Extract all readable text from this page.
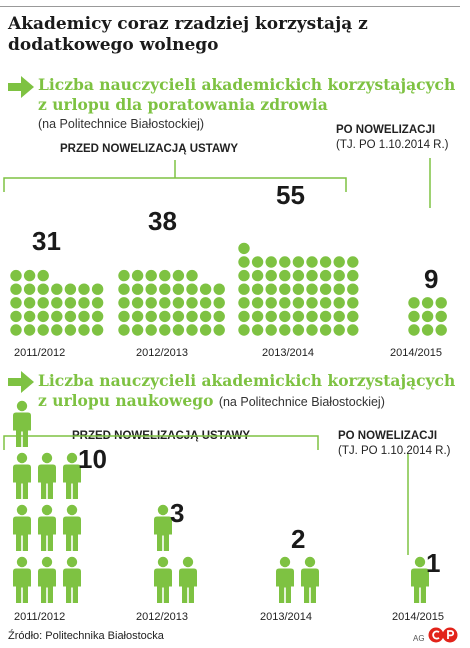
Akademicy coraz rzadziej korzystają z dodatkowego wolnego
Liczba nauczycieli akademickich korzystających z urlopu dla poratowania zdrowia
(na Politechnice Białostockiej)
PRZED NOWELIZACJĄ USTAWY
PO NOWELIZACJI
(TJ. PO 1.10.2014 R.)
31
38
55
9
2011/2012	2012/2013	2013/2014	2014/2015
Liczba nauczycieli akademickich korzystających z urlopu naukowego (na Politechnice Białostockiej)
PRZED NOWELIZACJĄ USTAWY	PO NOWELIZACJI
(TJ. PO 1.10.2014 R.)
10
3
2
1
2011/2012	2012/2013	2013/2014	2014/2015
Źródło: Politechnika Białostocka	AG
